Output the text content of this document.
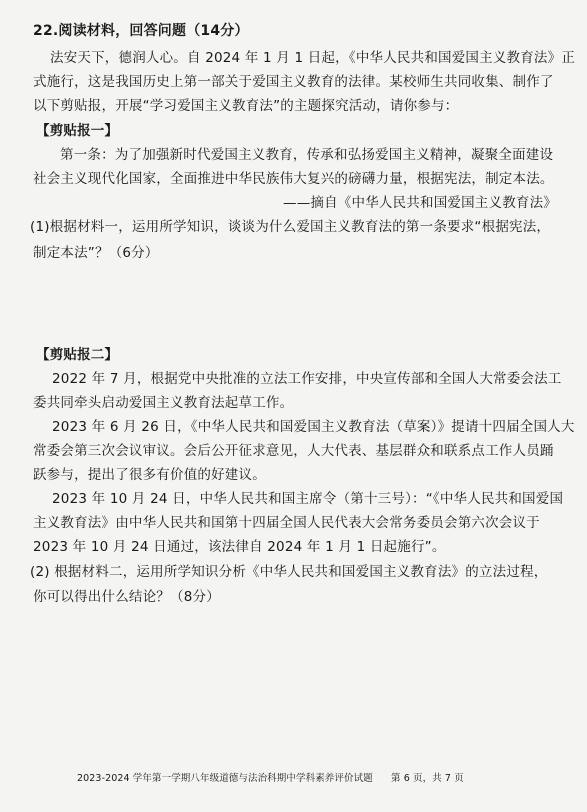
22.阅读材料，回答问题（14分）
法安天下，德润人心。自 2024 年 1 月 1 日起，《中华人民共和国爱国主义教育法》正
式施行，这是我国历史上第一部关于爱国主义教育的法律。某校师生共同收集、制作了
以下剪贴报，开展“学习爱国主义教育法”的主题探究活动，请你参与：
【剪贴报一】
第一条：为了加强新时代爱国主义教育，传承和弘扬爱国主义精神，凝聚全面建设
社会主义现代化国家，全面推进中华民族伟大复兴的磅礴力量，根据宪法，制定本法。
——摘自《中华人民共和国爱国主义教育法》
(1)根据材料一，运用所学知识，谈谈为什么爱国主义教育法的第一条要求“根据宪法，
制定本法”？（6分）
【剪贴报二】
2022 年 7 月，根据党中央批准的立法工作安排，中央宣传部和全国人大常委会法工
委共同牵头启动爱国主义教育法起草工作。
2023 年 6 月 26 日，《中华人民共和国爱国主义教育法（草案）》提请十四届全国人大
常委会第三次会议审议。会后公开征求意见，人大代表、基层群众和联系点工作人员踊
跃参与，提出了很多有价值的好建议。
2023 年 10 月 24 日，中华人民共和国主席令（第十三号）：“《中华人民共和国爱国
主义教育法》由中华人民共和国第十四届全国人民代表大会常务委员会第六次会议于
2023 年 10 月 24 日通过，该法律自 2024 年 1 月 1 日起施行”。
(2) 根据材料二，运用所学知识分析《中华人民共和国爱国主义教育法》的立法过程，
你可以得出什么结论？（8分）
2023-2024 学年第一学期八年级道德与法治科期中学科素养评价试题 第 6 页，共 7 页
